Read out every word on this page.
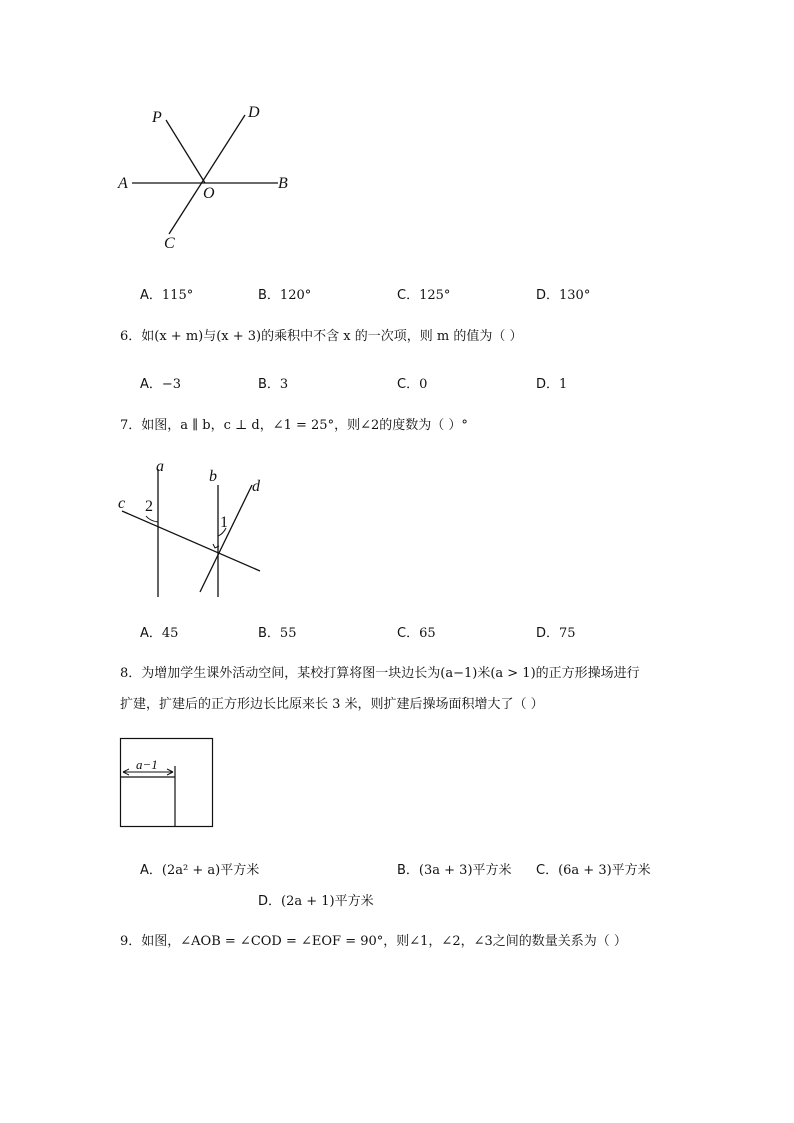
P	D
A
O
B
C
A．115°	B．120°	C．125°	D．130°
6．如(x + m)与(x + 3)的乘积中不含 x 的一次项，则 m 的值为（ ）
A．−3	B．3	C．0	D．1
7．如图，a ∥ b，c ⊥ d，∠1 = 25°，则∠2的度数为（ ）°
a
b
c
d
2
1
A．45	B．55	C．65	D．75
8．为增加学生课外活动空间，某校打算将图一块边长为(a−1)米(a > 1)的正方形操场进行
扩建，扩建后的正方形边长比原来长 3 米，则扩建后操场面积增大了（ ）
a−1
A．(2a² + a)平方米	B．(3a + 3)平方米 C．(6a + 3)平方米
D．(2a + 1)平方米
9．如图，∠AOB = ∠COD = ∠EOF = 90°，则∠1，∠2，∠3之间的数量关系为（ ）
